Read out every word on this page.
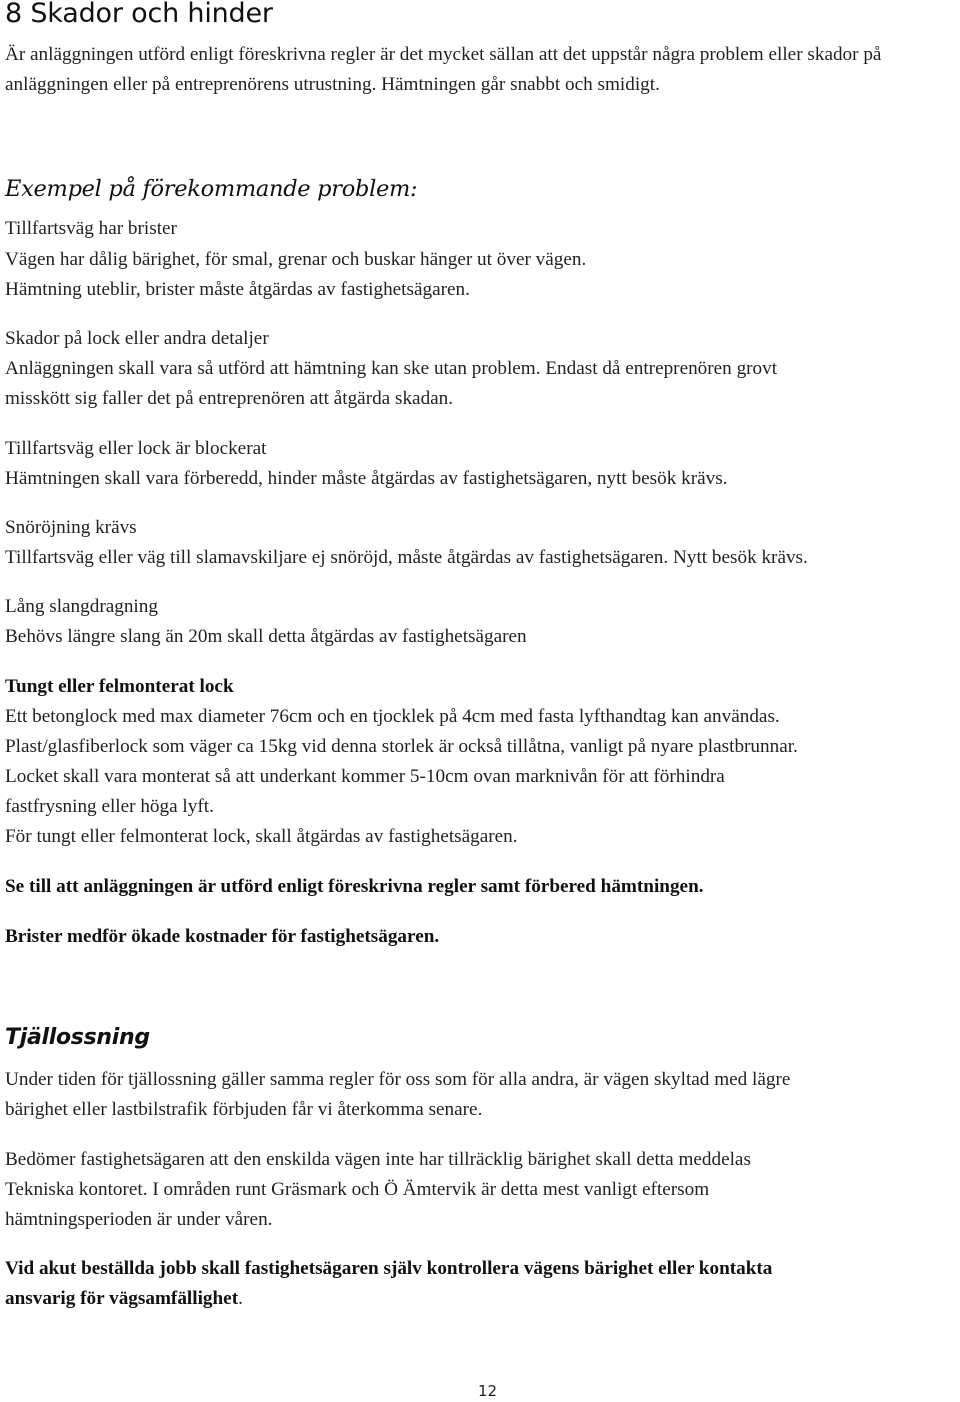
8 Skador och hinder
Är anläggningen utförd enligt föreskrivna regler är det mycket sällan att det uppstår några problem eller skador på anläggningen eller på entreprenörens utrustning. Hämtningen går snabbt och smidigt.
Exempel på förekommande problem:
Tillfartsväg har brister
Vägen har dålig bärighet, för smal, grenar och buskar hänger ut över vägen.
Hämtning uteblir, brister måste åtgärdas av fastighetsägaren.
Skador på lock eller andra detaljer
Anläggningen skall vara så utförd att hämtning kan ske utan problem. Endast då entreprenören grovt
misskött sig faller det på entreprenören att åtgärda skadan.
Tillfartsväg eller lock är blockerat
Hämtningen skall vara förberedd, hinder måste åtgärdas av fastighetsägaren, nytt besök krävs.
Snöröjning krävs
Tillfartsväg eller väg till slamavskiljare ej snöröjd, måste åtgärdas av fastighetsägaren. Nytt besök krävs.
Lång slangdragning
Behövs längre slang än 20m skall detta åtgärdas av fastighetsägaren
Tungt eller felmonterat lock
Ett betonglock med max diameter 76cm och en tjocklek på 4cm med fasta lyfthandtag kan användas.
Plast/glasfiberlock som väger ca 15kg vid denna storlek är också tillåtna, vanligt på nyare plastbrunnar.
Locket skall vara monterat så att underkant kommer 5-10cm ovan marknivån för att förhindra
fastfrysning eller höga lyft.
För tungt eller felmonterat lock, skall åtgärdas av fastighetsägaren.
Se till att anläggningen är utförd enligt föreskrivna regler samt förbered hämtningen.
Brister medför ökade kostnader för fastighetsägaren.
Tjällossning
Under tiden för tjällossning gäller samma regler för oss som för alla andra, är vägen skyltad med lägre
bärighet eller lastbilstrafik förbjuden får vi återkomma senare.
Bedömer fastighetsägaren att den enskilda vägen inte har tillräcklig bärighet skall detta meddelas
Tekniska kontoret. I områden runt Gräsmark och Ö Ämtervik är detta mest vanligt eftersom
hämtningsperioden är under våren.
Vid akut beställda jobb skall fastighetsägaren själv kontrollera vägens bärighet eller kontakta
ansvarig för vägsamfällighet.
12
